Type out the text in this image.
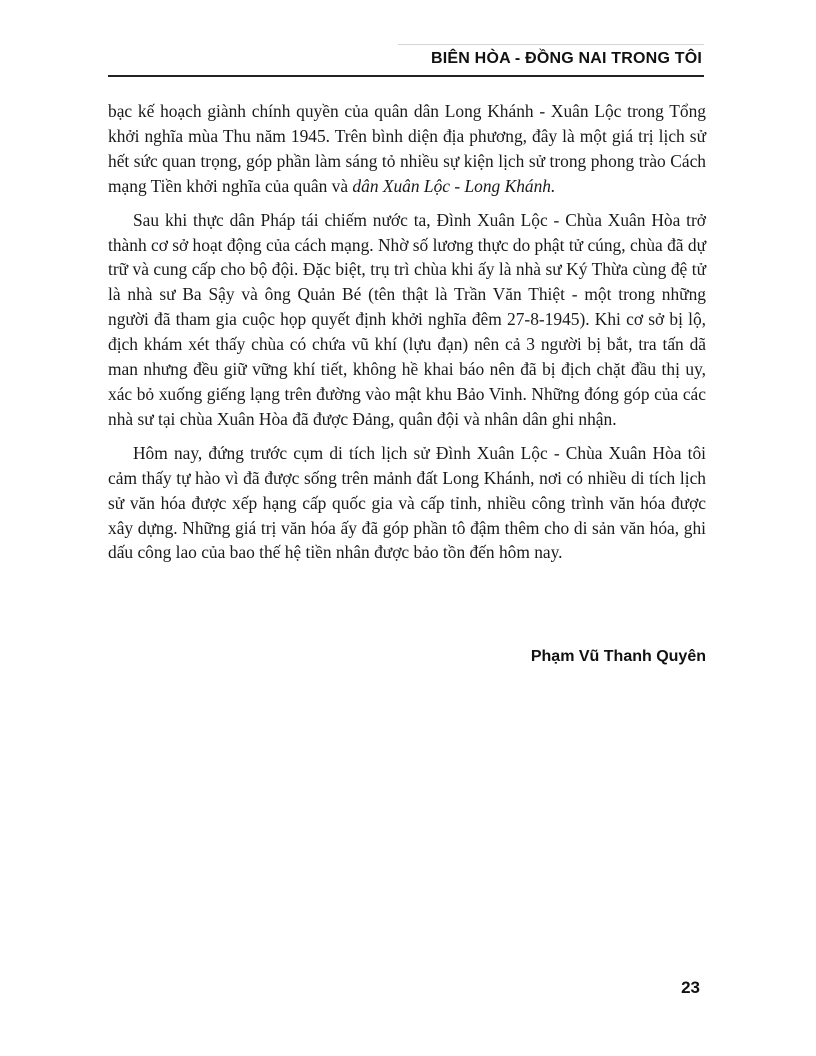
BIÊN HÒA - ĐỒNG NAI TRONG TÔI

bạc kế hoạch giành chính quyền của quân dân Long Khánh - Xuân Lộc trong Tổng khởi nghĩa mùa Thu năm 1945. Trên bình diện địa phương, đây là một giá trị lịch sử hết sức quan trọng, góp phần làm sáng tỏ nhiều sự kiện lịch sử trong phong trào Cách mạng Tiền khởi nghĩa của quân và dân Xuân Lộc - Long Khánh.

Sau khi thực dân Pháp tái chiếm nước ta, Đình Xuân Lộc - Chùa Xuân Hòa trở thành cơ sở hoạt động của cách mạng. Nhờ số lương thực do phật tử cúng, chùa đã dự trữ và cung cấp cho bộ đội. Đặc biệt, trụ trì chùa khi ấy là nhà sư Ký Thừa cùng đệ tử là nhà sư Ba Sậy và ông Quản Bé (tên thật là Trần Văn Thiệt - một trong những người đã tham gia cuộc họp quyết định khởi nghĩa đêm 27-8-1945). Khi cơ sở bị lộ, địch khám xét thấy chùa có chứa vũ khí (lựu đạn) nên cả 3 người bị bắt, tra tấn dã man nhưng đều giữ vững khí tiết, không hề khai báo nên đã bị địch chặt đầu thị uy, xác bỏ xuống giếng lạng trên đường vào mật khu Bảo Vinh. Những đóng góp của các nhà sư tại chùa Xuân Hòa đã được Đảng, quân đội và nhân dân ghi nhận.

Hôm nay, đứng trước cụm di tích lịch sử Đình Xuân Lộc - Chùa Xuân Hòa tôi cảm thấy tự hào vì đã được sống trên mảnh đất Long Khánh, nơi có nhiều di tích lịch sử văn hóa được xếp hạng cấp quốc gia và cấp tỉnh, nhiều công trình văn hóa được xây dựng. Những giá trị văn hóa ấy đã góp phần tô đậm thêm cho di sản văn hóa, ghi dấu công lao của bao thế hệ tiền nhân được bảo tồn đến hôm nay.

Phạm Vũ Thanh Quyên
23
